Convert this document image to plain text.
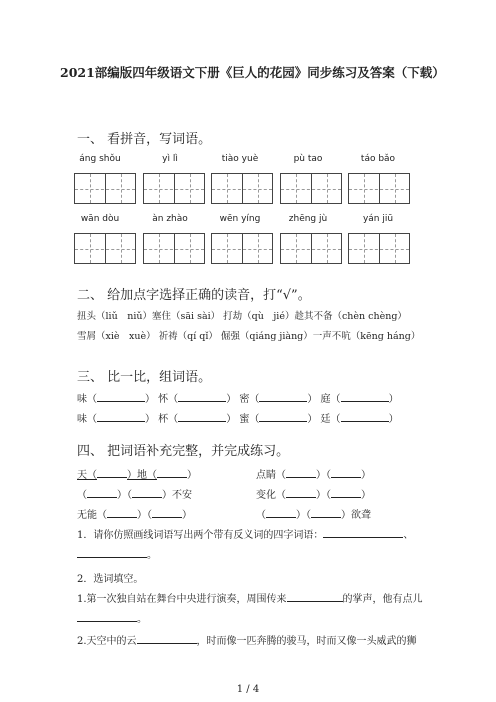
2021部编版四年级语文下册《巨人的花园》同步练习及答案（下载）
一、 看拼音，写词语。
áng shǒu	yì lì	tiào yuè	pù tao	táo bǎo
wān dòu	àn zhào	wēn yíng	zhēng jù	yán jiū
二、 给加点字选择正确的读音，打“√”。
扭头（liǔ　niǔ）塞住（sāi sài） 打劫（qù　jié）趁其不备（chèn chèng）
雪屑（xiè　xuè） 祈祷（qí qǐ） 倔强（qiáng jiàng）一声不吭（kēng háng）
三、 比一比，组词语。
味（	） 怀（	） 密（	） 庭（	）
味（	） 杯（	） 蜜（	） 廷（	）
四、 把词语补充完整，并完成练习。
天（	）地（	）	点睛（	）（	）
（	）（	）不安	变化（	）（	）
无能（	）（	）	（	）（	）欲聋
1．请你仿照画线词语写出两个带有反义词的四字词语：	、
。
2．选词填空。
1.第一次独自站在舞台中央进行演奏，周围传来	的掌声，他有点儿
。
2.天空中的云	，时而像一匹奔腾的骏马，时而又像一头威武的狮
1 / 4
